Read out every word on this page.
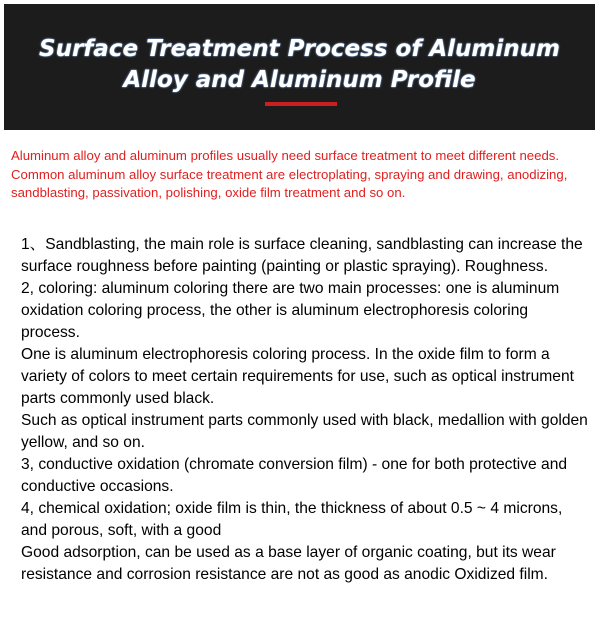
Surface Treatment Process of Aluminum
Alloy and Aluminum Profile

Aluminum alloy and aluminum profiles usually need surface treatment to meet different needs.

Common aluminum alloy surface treatment are electroplating, spraying and drawing, anodizing, sandblasting, passivation, polishing, oxide film treatment and so on.

1、Sandblasting, the main role is surface cleaning, sandblasting can increase the surface roughness before painting (painting or plastic spraying). Roughness.

2, coloring: aluminum coloring there are two main processes: one is aluminum oxidation coloring process, the other is aluminum electrophoresis coloring process.

One is aluminum electrophoresis coloring process. In the oxide film to form a variety of colors to meet certain requirements for use, such as optical instrument parts commonly used black.

Such as optical instrument parts commonly used with black, medallion with golden yellow, and so on.

3, conductive oxidation (chromate conversion film) - one for both protective and conductive occasions.

4, chemical oxidation; oxide film is thin, the thickness of about 0.5 ~ 4 microns, and porous, soft, with a good

Good adsorption, can be used as a base layer of organic coating, but its wear resistance and corrosion resistance are not as good as anodic Oxidized film.
